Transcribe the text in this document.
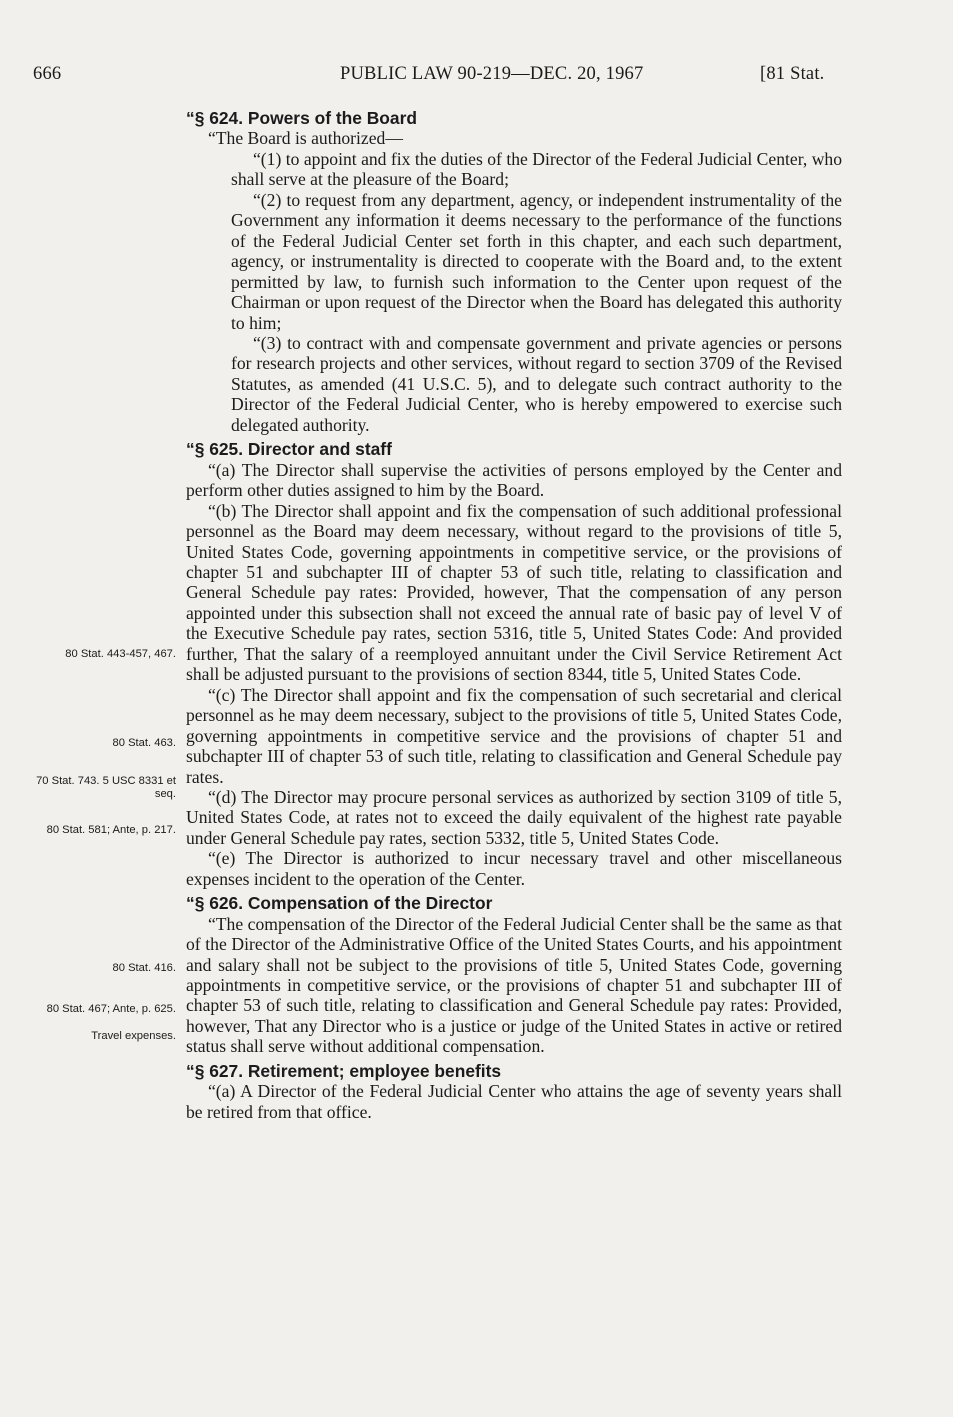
666	PUBLIC LAW 90-219—DEC. 20, 1967	[81 Stat.
80 Stat. 443-457, 467.
80 Stat. 463.
70 Stat. 743. 5 USC 8331 et seq.
80 Stat. 581; Ante, p. 217.
80 Stat. 416.
80 Stat. 467; Ante, p. 625.
Travel expenses.

“§ 624. Powers of the Board

“The Board is authorized—

“(1) to appoint and fix the duties of the Director of the Federal Judicial Center, who shall serve at the pleasure of the Board;

“(2) to request from any department, agency, or independent instrumentality of the Government any information it deems necessary to the performance of the functions of the Federal Judicial Center set forth in this chapter, and each such department, agency, or instrumentality is directed to cooperate with the Board and, to the extent permitted by law, to furnish such information to the Center upon request of the Chairman or upon request of the Director when the Board has delegated this authority to him;

“(3) to contract with and compensate government and private agencies or persons for research projects and other services, without regard to section 3709 of the Revised Statutes, as amended (41 U.S.C. 5), and to delegate such contract authority to the Director of the Federal Judicial Center, who is hereby empowered to exercise such delegated authority.

“§ 625. Director and staff

“(a) The Director shall supervise the activities of persons employed by the Center and perform other duties assigned to him by the Board.

“(b) The Director shall appoint and fix the compensation of such additional professional personnel as the Board may deem necessary, without regard to the provisions of title 5, United States Code, governing appointments in competitive service, or the provisions of chapter 51 and subchapter III of chapter 53 of such title, relating to classification and General Schedule pay rates: Provided, however, That the compensation of any person appointed under this subsection shall not exceed the annual rate of basic pay of level V of the Executive Schedule pay rates, section 5316, title 5, United States Code: And provided further, That the salary of a reemployed annuitant under the Civil Service Retirement Act shall be adjusted pursuant to the provisions of section 8344, title 5, United States Code.

“(c) The Director shall appoint and fix the compensation of such secretarial and clerical personnel as he may deem necessary, subject to the provisions of title 5, United States Code, governing appointments in competitive service and the provisions of chapter 51 and subchapter III of chapter 53 of such title, relating to classification and General Schedule pay rates.

“(d) The Director may procure personal services as authorized by section 3109 of title 5, United States Code, at rates not to exceed the daily equivalent of the highest rate payable under General Schedule pay rates, section 5332, title 5, United States Code.

“(e) The Director is authorized to incur necessary travel and other miscellaneous expenses incident to the operation of the Center.

“§ 626. Compensation of the Director

“The compensation of the Director of the Federal Judicial Center shall be the same as that of the Director of the Administrative Office of the United States Courts, and his appointment and salary shall not be subject to the provisions of title 5, United States Code, governing appointments in competitive service, or the provisions of chapter 51 and subchapter III of chapter 53 of such title, relating to classification and General Schedule pay rates: Provided, however, That any Director who is a justice or judge of the United States in active or retired status shall serve without additional compensation.

“§ 627. Retirement; employee benefits

“(a) A Director of the Federal Judicial Center who attains the age of seventy years shall be retired from that office.
